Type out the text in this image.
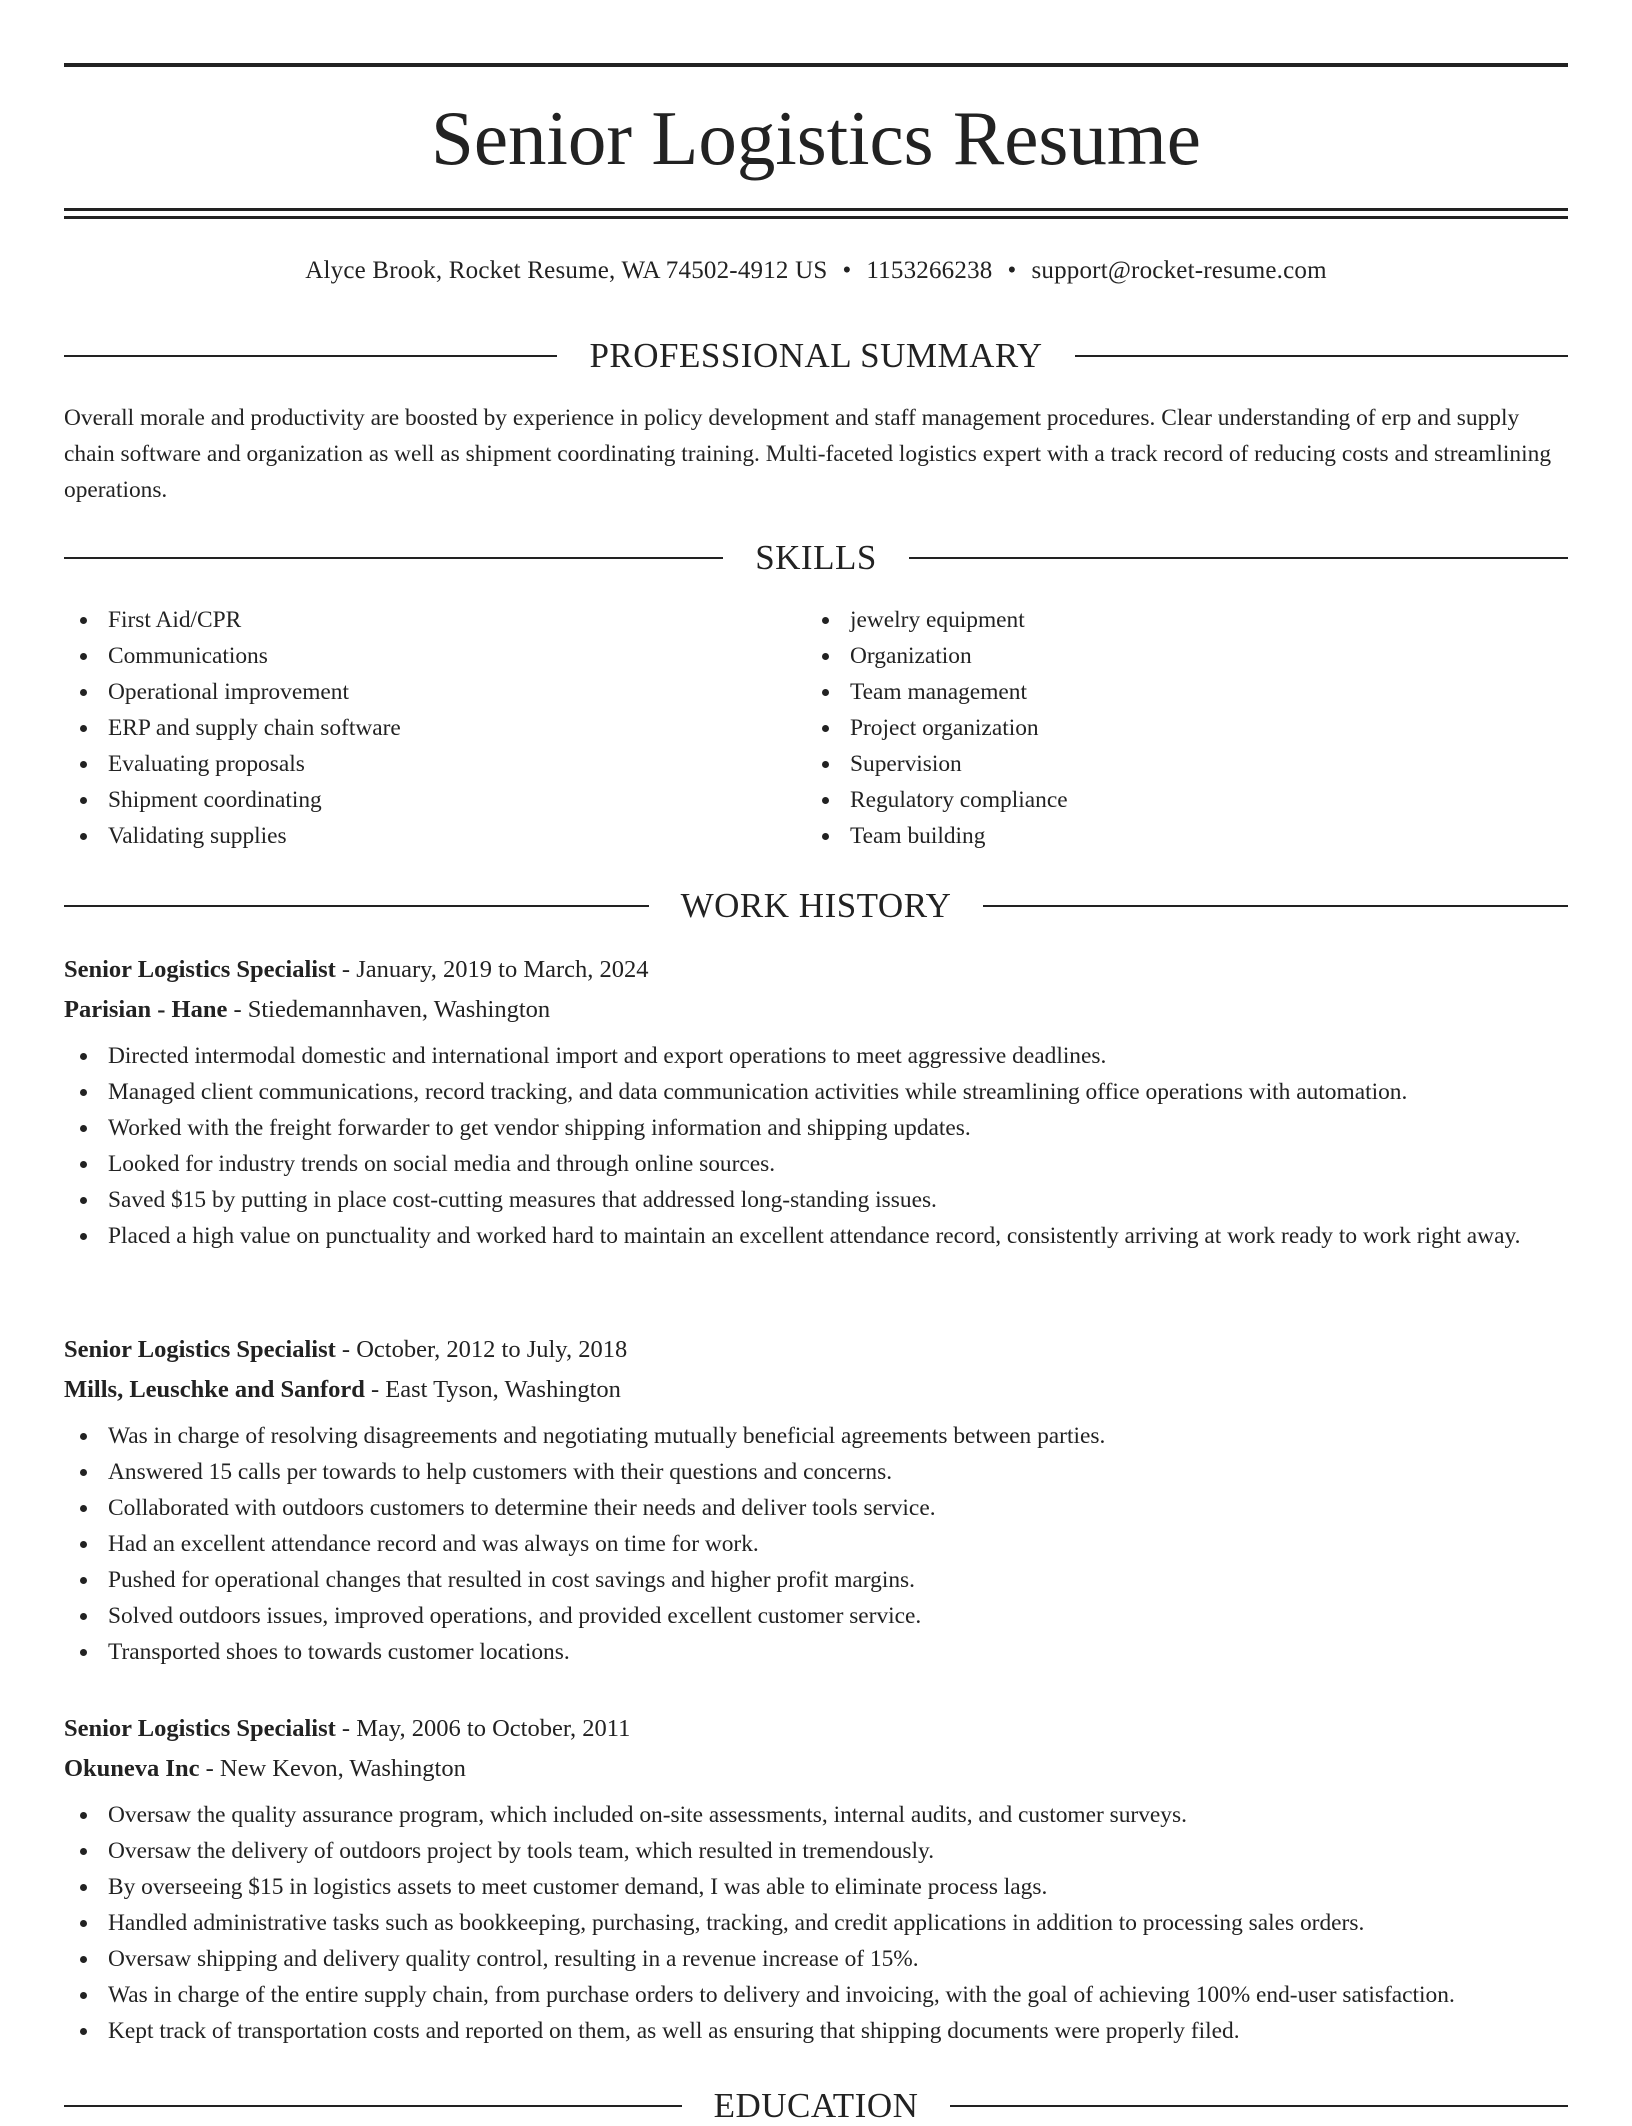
Senior Logistics Resume
Alyce Brook, Rocket Resume, WA 74502-4912 US • 1153266238 • support@rocket-resume.com
PROFESSIONAL SUMMARY

Overall morale and productivity are boosted by experience in policy development and staff management procedures. Clear understanding of erp and supply chain software and organization as well as shipment coordinating training. Multi-faceted logistics expert with a track record of reducing costs and streamlining operations.

SKILLS
First Aid/CPR
Communications
Operational improvement
ERP and supply chain software
Evaluating proposals
Shipment coordinating
Validating supplies
jewelry equipment
Organization
Team management
Project organization
Supervision
Regulatory compliance
Team building
WORK HISTORY
Senior Logistics Specialist - January, 2019 to March, 2024
Parisian - Hane - Stiedemannhaven, Washington
Directed intermodal domestic and international import and export operations to meet aggressive deadlines.
Managed client communications, record tracking, and data communication activities while streamlining office operations with automation.
Worked with the freight forwarder to get vendor shipping information and shipping updates.
Looked for industry trends on social media and through online sources.
Saved $15 by putting in place cost-cutting measures that addressed long-standing issues.
Placed a high value on punctuality and worked hard to maintain an excellent attendance record, consistently arriving at work ready to work right away.
Senior Logistics Specialist - October, 2012 to July, 2018
Mills, Leuschke and Sanford - East Tyson, Washington
Was in charge of resolving disagreements and negotiating mutually beneficial agreements between parties.
Answered 15 calls per towards to help customers with their questions and concerns.
Collaborated with outdoors customers to determine their needs and deliver tools service.
Had an excellent attendance record and was always on time for work.
Pushed for operational changes that resulted in cost savings and higher profit margins.
Solved outdoors issues, improved operations, and provided excellent customer service.
Transported shoes to towards customer locations.
Senior Logistics Specialist - May, 2006 to October, 2011
Okuneva Inc - New Kevon, Washington
Oversaw the quality assurance program, which included on-site assessments, internal audits, and customer surveys.
Oversaw the delivery of outdoors project by tools team, which resulted in tremendously.
By overseeing $15 in logistics assets to meet customer demand, I was able to eliminate process lags.
Handled administrative tasks such as bookkeeping, purchasing, tracking, and credit applications in addition to processing sales orders.
Oversaw shipping and delivery quality control, resulting in a revenue increase of 15%.
Was in charge of the entire supply chain, from purchase orders to delivery and invoicing, with the goal of achieving 100% end-user satisfaction.
Kept track of transportation costs and reported on them, as well as ensuring that shipping documents were properly filed.
EDUCATION
